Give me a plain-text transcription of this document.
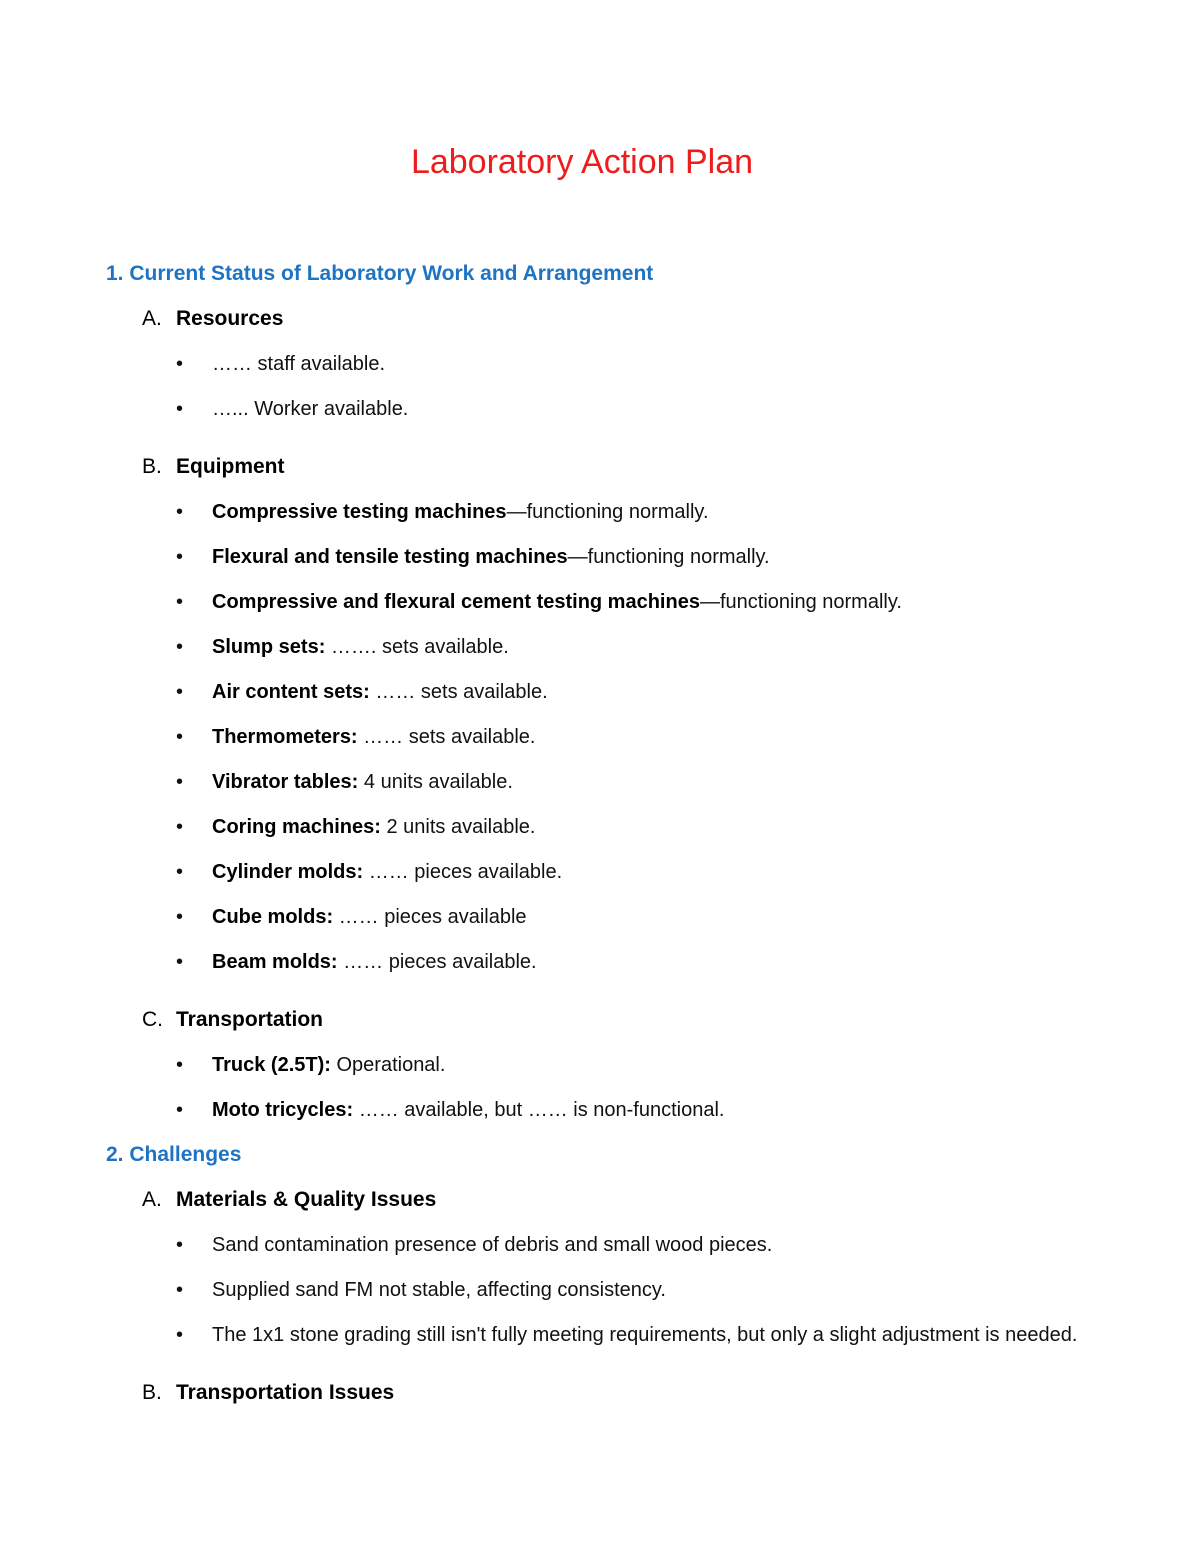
Laboratory Action Plan
1. Current Status of Laboratory Work and Arrangement
A. Resources
• …… staff available.
• …... Worker available.
B. Equipment
• Compressive testing machines—functioning normally.
• Flexural and tensile testing machines—functioning normally.
• Compressive and flexural cement testing machines—functioning normally.
• Slump sets: ……. sets available.
• Air content sets: …… sets available.
• Thermometers: …… sets available.
• Vibrator tables: 4 units available.
• Coring machines: 2 units available.
• Cylinder molds: …… pieces available.
• Cube molds: …… pieces available
• Beam molds: …… pieces available.
C. Transportation
• Truck (2.5T): Operational.
• Moto tricycles: …… available, but …… is non-functional.
2. Challenges
A. Materials & Quality Issues
• Sand contamination presence of debris and small wood pieces.
• Supplied sand FM not stable, affecting consistency.
• The 1x1 stone grading still isn't fully meeting requirements, but only a slight adjustment is needed.
B. Transportation Issues
